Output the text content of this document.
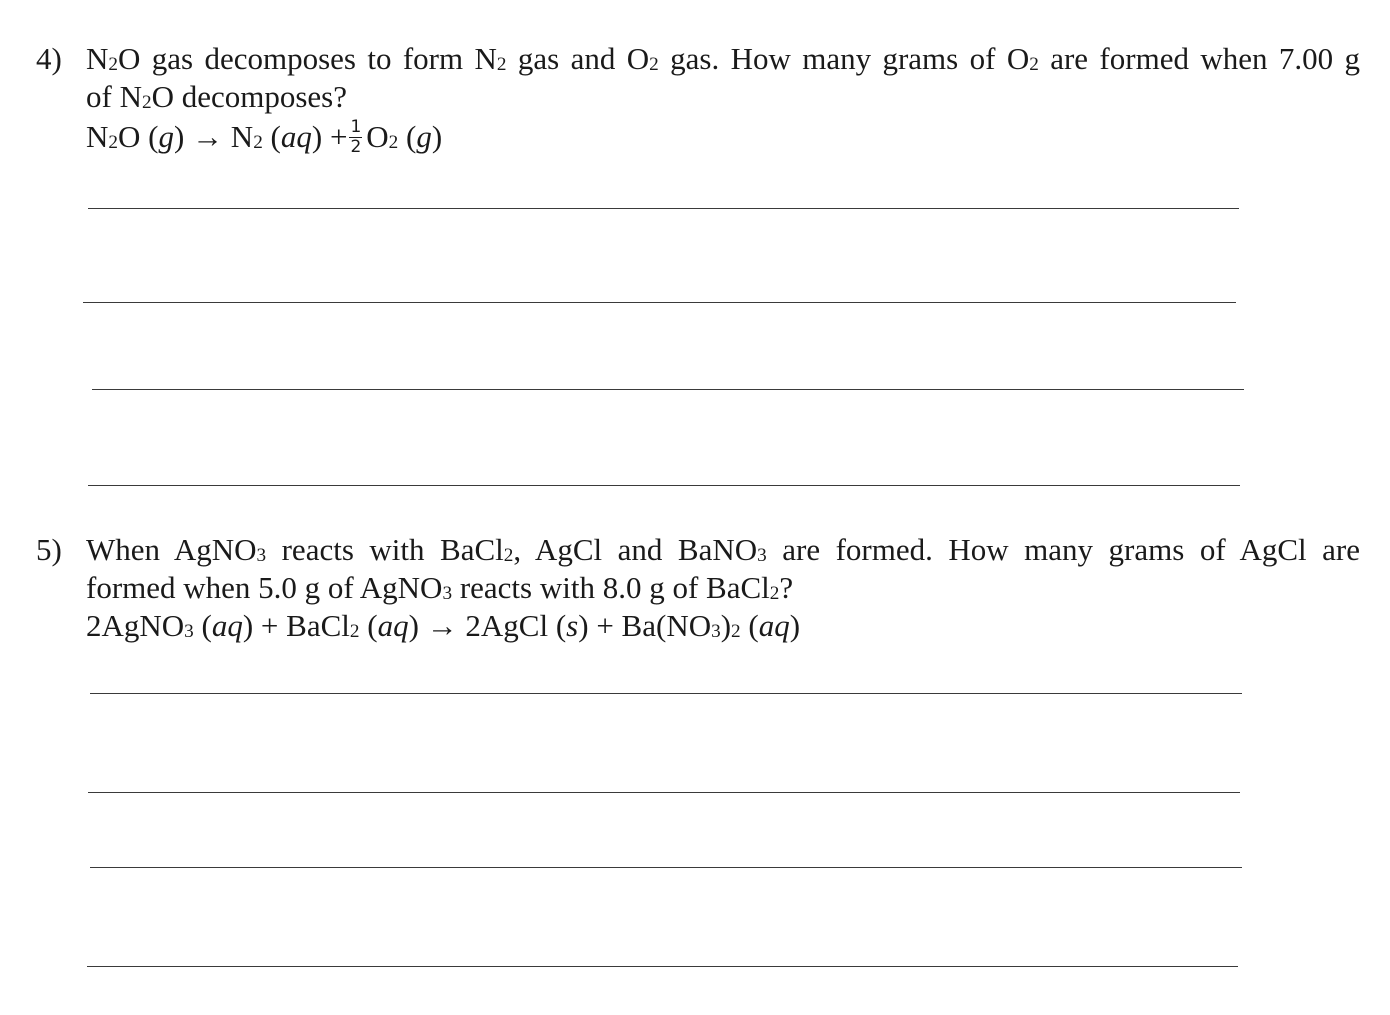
4) $N_2O$ gas decomposes to form $N_2$ gas and $O_2$ gas. How many grams of $O_2$ are formed when 7.00 g
of $N_2O$ decomposes?
$N_2O$ $(g) \to N_2$ $(aq) + \frac{1}{2} O_2$ (g)
5) When AgNO$_3$ reacts with BaCl$_2$, AgCl and BaNO$_3$ are formed. How many grams of AgCl are
formed when 5.0 g of AgNO$_3$ reacts with 8.0 g of BaCl$_2$?
2AgNO$_3$ (aq) + BaCl$_2$ (aq) → 2AgCl $(s) + Ba(NO_3)_2$ (aq)
